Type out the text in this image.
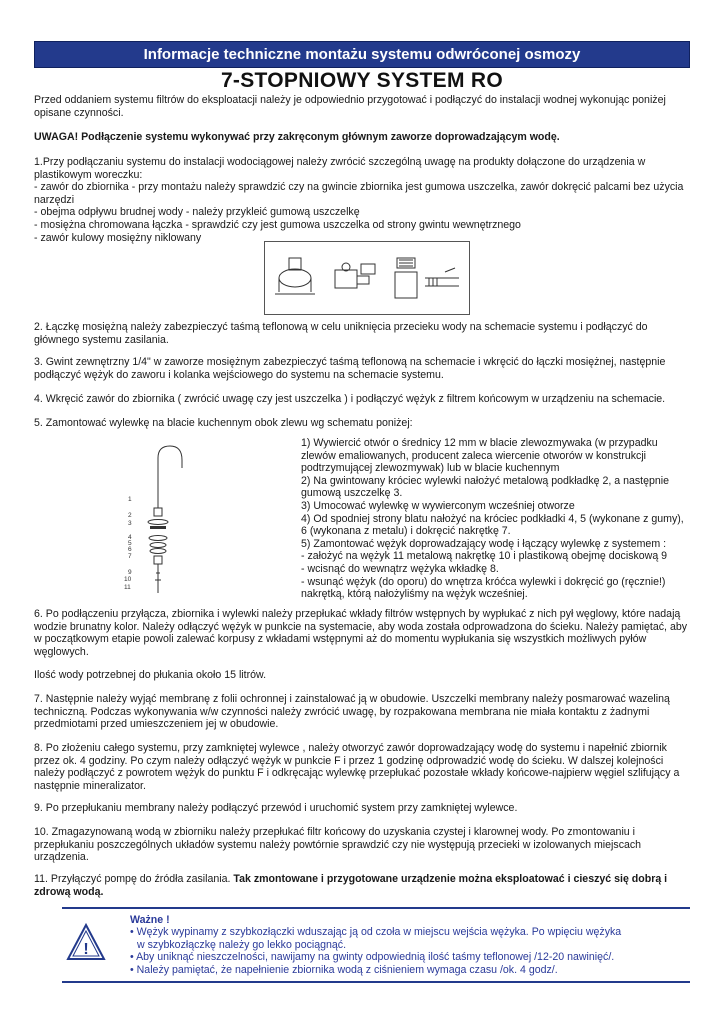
Informacje techniczne montażu systemu odwróconej osmozy
7-STOPNIOWY SYSTEM RO

Przed oddaniem systemu filtrów do eksploatacji należy je odpowiednio przygotować i podłączyć do instalacji wodnej wykonując poniżej opisane czynności.

UWAGA! Podłączenie systemu wykonywać przy zakręconym głównym zaworze doprowadzającym wodę.

1.Przy podłączaniu systemu do instalacji wodociągowej należy zwrócić szczególną uwagę na produkty dołączone do urządzenia w plastikowym woreczku:
- zawór do zbiornika - przy montażu należy sprawdzić czy na gwincie zbiornika jest gumowa uszczelka, zawór dokręcić palcami bez użycia narzędzi
- obejma odpływu brudnej wody - należy przykleić gumową uszczelkę
- mosiężna chromowana łączka - sprawdzić czy jest gumowa uszczelka od strony gwintu wewnętrznego
- zawór kulowy mosiężny niklowany

2. Łączkę mosiężną należy zabezpieczyć taśmą teflonową w celu uniknięcia przecieku wody na schemacie systemu i podłączyć do głównego systemu zasilania.

3. Gwint zewnętrzny 1/4" w zaworze mosiężnym zabezpieczyć taśmą teflonową na schemacie i wkręcić do łączki mosiężnej, następnie podłączyć wężyk do zaworu i kolanka wejściowego do systemu na schemacie systemu.

4. Wkręcić zawór do zbiornika ( zwrócić uwagę czy jest uszczelka ) i podłączyć wężyk z filtrem końcowym w urządzeniu na schemacie.

5. Zamontować wylewkę na blacie kuchennym obok zlewu wg schematu poniżej:

1
2
3
4
5
6
7
9
10
11
1) Wywiercić otwór o średnicy 12 mm w blacie zlewozmywaka (w przypadku zlewów emaliowanych, producent zaleca wiercenie otworów w konstrukcji podtrzymującej zlewozmywak) lub w blacie kuchennym
2) Na gwintowany króciec wylewki nałożyć metalową podkładkę 2, a następnie gumową uszczelkę 3.
3) Umocować wylewkę w wywierconym wcześniej otworze
4) Od spodniej strony blatu nałożyć na króciec podkładki 4, 5 (wykonane z gumy), 6 (wykonana z metalu) i dokręcić nakrętkę 7.
5) Zamontować wężyk doprowadzający wodę i łączący wylewkę z systemem :
- założyć na wężyk 11 metalową nakrętkę 10 i plastikową obejmę dociskową 9
- wcisnąć do wewnątrz wężyka wkładkę 8.
- wsunąć wężyk (do oporu) do wnętrza króćca wylewki i dokręcić go (ręcznie!) nakrętką, którą nałożyliśmy na wężyk wcześniej.

6. Po podłączeniu przyłącza, zbiornika i wylewki należy przepłukać wkłady filtrów wstępnych by wypłukać z nich pył węglowy, które nadają wodzie brunatny kolor. Należy odłączyć wężyk w punkcie na systemacie, aby woda została odprowadzona do ścieku. Należy pamiętać, aby w początkowym etapie powoli zalewać korpusy z wkładami wstępnymi aż do momentu wypłukania się wszystkich możliwych pyłów węglowych.

Ilość wody potrzebnej do płukania około 15 litrów.

7. Następnie należy wyjąć membranę z folii ochronnej i zainstalować ją w obudowie. Uszczelki membrany należy posmarować wazeliną techniczną. Podczas wykonywania w/w czynności należy zwrócić uwagę, by rozpakowana membrana nie miała kontaktu z żadnymi przedmiotami przed umieszczeniem jej w obudowie.

8. Po złożeniu całego systemu, przy zamkniętej wylewce , należy otworzyć zawór doprowadzający wodę do systemu i napełnić zbiornik przez ok. 4 godziny. Po czym należy odłączyć wężyk w punkcie F i przez 1 godzinę odprowadzić wodę do ścieku. W dalszej kolejności należy podłączyć z powrotem wężyk do punktu F i odkręcając wylewkę przepłukać pozostałe wkłady końcowe-najpierw węgiel szlifujący a następnie mineralizator.

9. Po przepłukaniu membrany należy podłączyć przewód i uruchomić system przy zamkniętej wylewce.

10. Zmagazynowaną wodą w zbiorniku należy przepłukać filtr końcowy do uzyskania czystej i klarownej wody. Po zmontowaniu i przepłukaniu poszczególnych układów systemu należy powtórnie sprawdzić czy nie występują przecieki w izolowanych miejscach urządzenia.

11. Przyłączyć pompę do źródła zasilania. Tak zmontowane i przygotowane urządzenie można eksploatować i cieszyć się dobrą i zdrową wodą.

!
Ważne !
• Wężyk wypinamy z szybkozłączki wduszając ją od czoła w miejscu wejścia wężyka. Po wpięciu wężyka
w szybkozłączkę należy go lekko pociągnąć.
• Aby uniknąć nieszczelności, nawijamy na gwinty odpowiednią ilość taśmy teflonowej /12-20 nawinięć/.
• Należy pamiętać, że napełnienie zbiornika wodą z ciśnieniem wymaga czasu /ok. 4 godz/.
